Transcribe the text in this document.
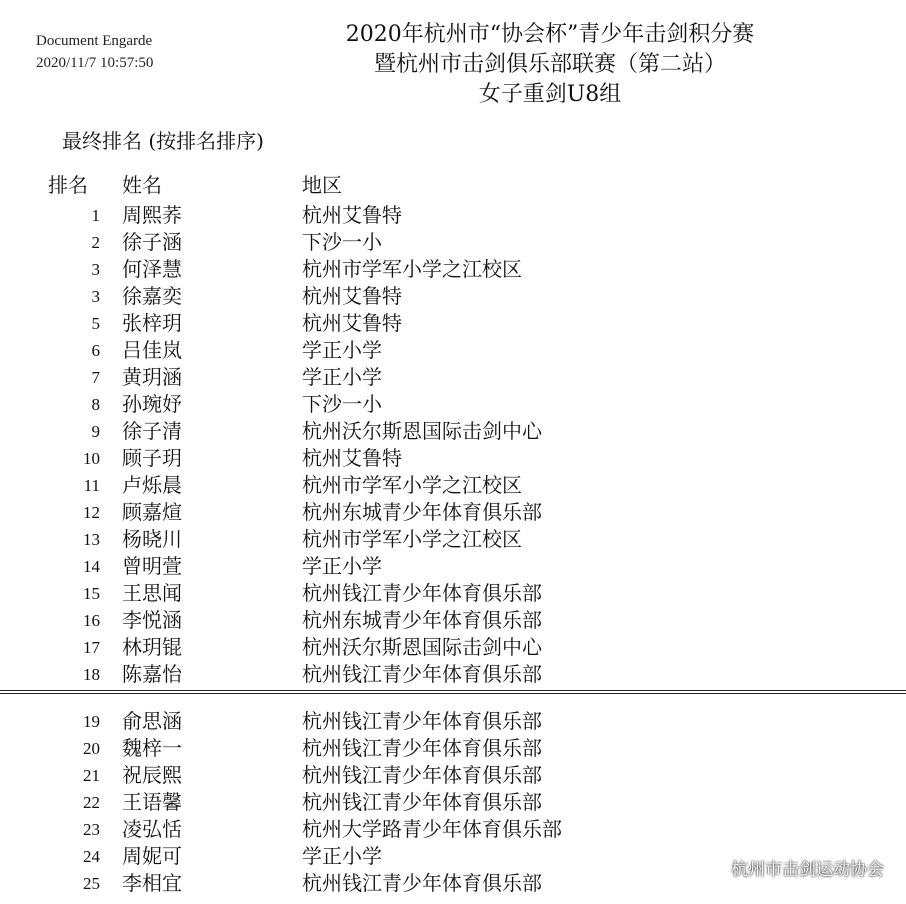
Document Engarde
2020/11/7 10:57:50
2020年杭州市“协会杯”青少年击剑积分赛
暨杭州市击剑俱乐部联赛（第二站）
女子重剑U8组
最终排名 (按排名排序)
排名 姓名	地区
1 周熙荞	杭州艾鲁特
2 徐子涵	下沙一小
3 何泽慧	杭州市学军小学之江校区
3 徐嘉奕	杭州艾鲁特
5 张梓玥	杭州艾鲁特
6 吕佳岚	学正小学
7 黄玥涵	学正小学
8 孙琬妤	下沙一小
9 徐子清	杭州沃尔斯恩国际击剑中心
10 顾子玥	杭州艾鲁特
11 卢烁晨	杭州市学军小学之江校区
12 顾嘉煊	杭州东城青少年体育俱乐部
13 杨晓川	杭州市学军小学之江校区
14 曾明萱	学正小学
15 王思闻	杭州钱江青少年体育俱乐部
16 李悦涵	杭州东城青少年体育俱乐部
17 林玥锟	杭州沃尔斯恩国际击剑中心
18 陈嘉怡	杭州钱江青少年体育俱乐部
19 俞思涵	杭州钱江青少年体育俱乐部
20 魏梓一	杭州钱江青少年体育俱乐部
21 祝辰熙	杭州钱江青少年体育俱乐部
22 王语馨	杭州钱江青少年体育俱乐部
23 凌弘恬	杭州大学路青少年体育俱乐部
24 周妮可	学正小学
25 李相宜	杭州钱江青少年体育俱乐部
杭州市击剑运动协会
